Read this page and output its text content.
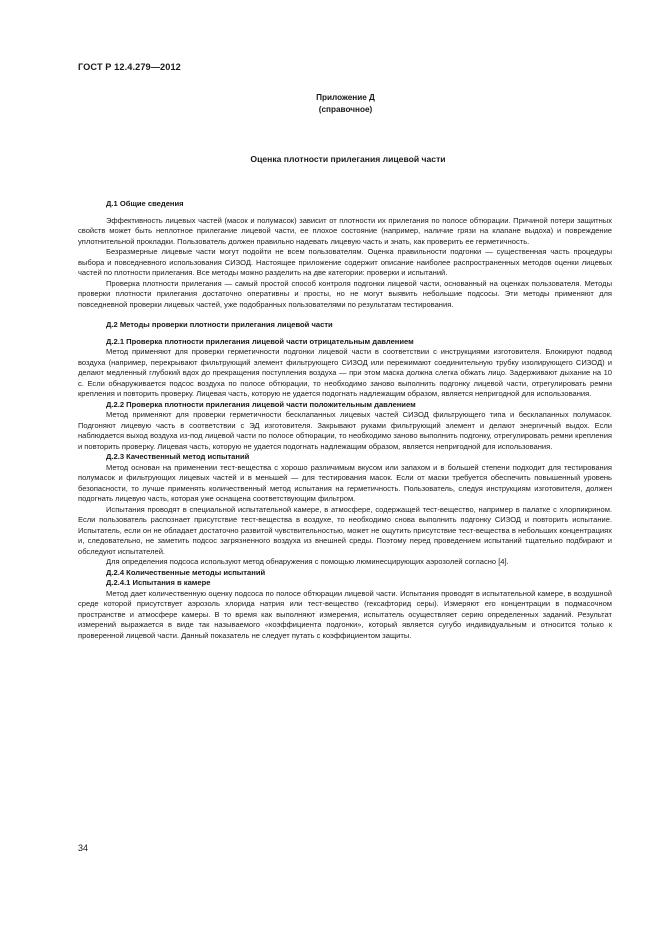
ГОСТ Р 12.4.279—2012
Приложение Д
(справочное)
Оценка плотности прилегания лицевой части
Д.1 Общие сведения

Эффективность лицевых частей (масок и полумасок) зависит от плотности их прилегания по полосе обтюрации. Причиной потери защитных свойств может быть неплотное прилегание лицевой части, ее плохое состояние (например, наличие грязи на клапане выдоха) и повреждение уплотнительной прокладки. Пользователь должен правильно надевать лицевую часть и знать, как проверить ее герметичность.

Безразмерные лицевые части могут подойти не всем пользователям. Оценка правильности подгонки — существенная часть процедуры выбора и повседневного использования СИЗОД. Настоящее приложение содержит описание наиболее распространенных методов оценки лицевых частей по плотности прилегания. Все методы можно разделить на две категории: проверки и испытаний.

Проверка плотности прилегания — самый простой способ контроля подгонки лицевой части, основанный на оценках пользователя. Методы проверки плотности прилегания достаточно оперативны и просты, но не могут выявить небольшие подсосы. Эти методы применяют для повседневной проверки лицевых частей, уже подобранных пользователями по результатам тестирования.

Д.2 Методы проверки плотности прилегания лицевой части
Д.2.1 Проверка плотности прилегания лицевой части отрицательным давлением

Метод применяют для проверки герметичности подгонки лицевой части в соответствии с инструкциями изготовителя. Блокируют подвод воздуха (например, перекрывают фильтрующий элемент фильтрующего СИЗОД или пережимают соединительную трубку изолирующего СИЗОД) и делают медленный глубокий вдох до прекращения поступления воздуха — при этом маска должна слегка обжать лицо. Задерживают дыхание на 10 с. Если обнаруживается подсос воздуха по полосе обтюрации, то необходимо заново выполнить подгонку лицевой части, отрегулировать ремни крепления и повторить проверку. Лицевая часть, которую не удается подогнать надлежащим образом, является непригодной для использования.

Д.2.2 Проверка плотности прилегания лицевой части положительным давлением

Метод применяют для проверки герметичности бесклапанных лицевых частей СИЗОД фильтрующего типа и бесклапанных полумасок. Подгоняют лицевую часть в соответствии с ЭД изготовителя. Закрывают руками фильтрующий элемент и делают энергичный выдох. Если наблюдается выход воздуха из-под лицевой части по полосе обтюрации, то необходимо заново выполнить подгонку, отрегулировать ремни крепления и повторить проверку. Лицевая часть, которую не удается подогнать надлежащим образом, является непригодной для использования.

Д.2.3 Качественный метод испытаний

Метод основан на применении тест-вещества с хорошо различимым вкусом или запахом и в большей степени подходит для тестирования полумасок и фильтрующих лицевых частей и в меньшей — для тестирования масок. Если от маски требуется обеспечить повышенный уровень безопасности, то лучше применять количественный метод испытания на герметичность. Пользователь, следуя инструкциям изготовителя, должен подогнать лицевую часть, которая уже оснащена соответствующим фильтром.

Испытания проводят в специальной испытательной камере, в атмосфере, содержащей тест-вещество, например в палатке с хлорпикрином. Если пользователь распознает присутствие тест-вещества в воздухе, то необходимо снова выполнить подгонку СИЗОД и повторить испытание. Испытатель, если он не обладает достаточно развитой чувствительностью, может не ощутить присутствие тест-вещества в небольших концентрациях и, следовательно, не заметить подсос загрязненного воздуха из внешней среды. Поэтому перед проведением испытаний тщательно подбирают и обследуют испытателей.

Для определения подсоса используют метод обнаружения с помощью люминесцирующих аэрозолей согласно [4].

Д.2.4 Количественные методы испытаний
Д.2.4.1 Испытания в камере

Метод дает количественную оценку подсоса по полосе обтюрации лицевой части. Испытания проводят в испытательной камере, в воздушной среде которой присутствует аэрозоль хлорида натрия или тест-вещество (гексафторид серы). Измеряют его концентрации в подмасочном пространстве и атмосфере камеры. В то время как выполняют измерения, испытатель осуществляет серию определенных заданий. Результат измерений выражается в виде так называемого «коэффициента подгонки», который является сугубо индивидуальным и относится только к проверенной лицевой части. Данный показатель не следует путать с коэффициентом защиты.

34
